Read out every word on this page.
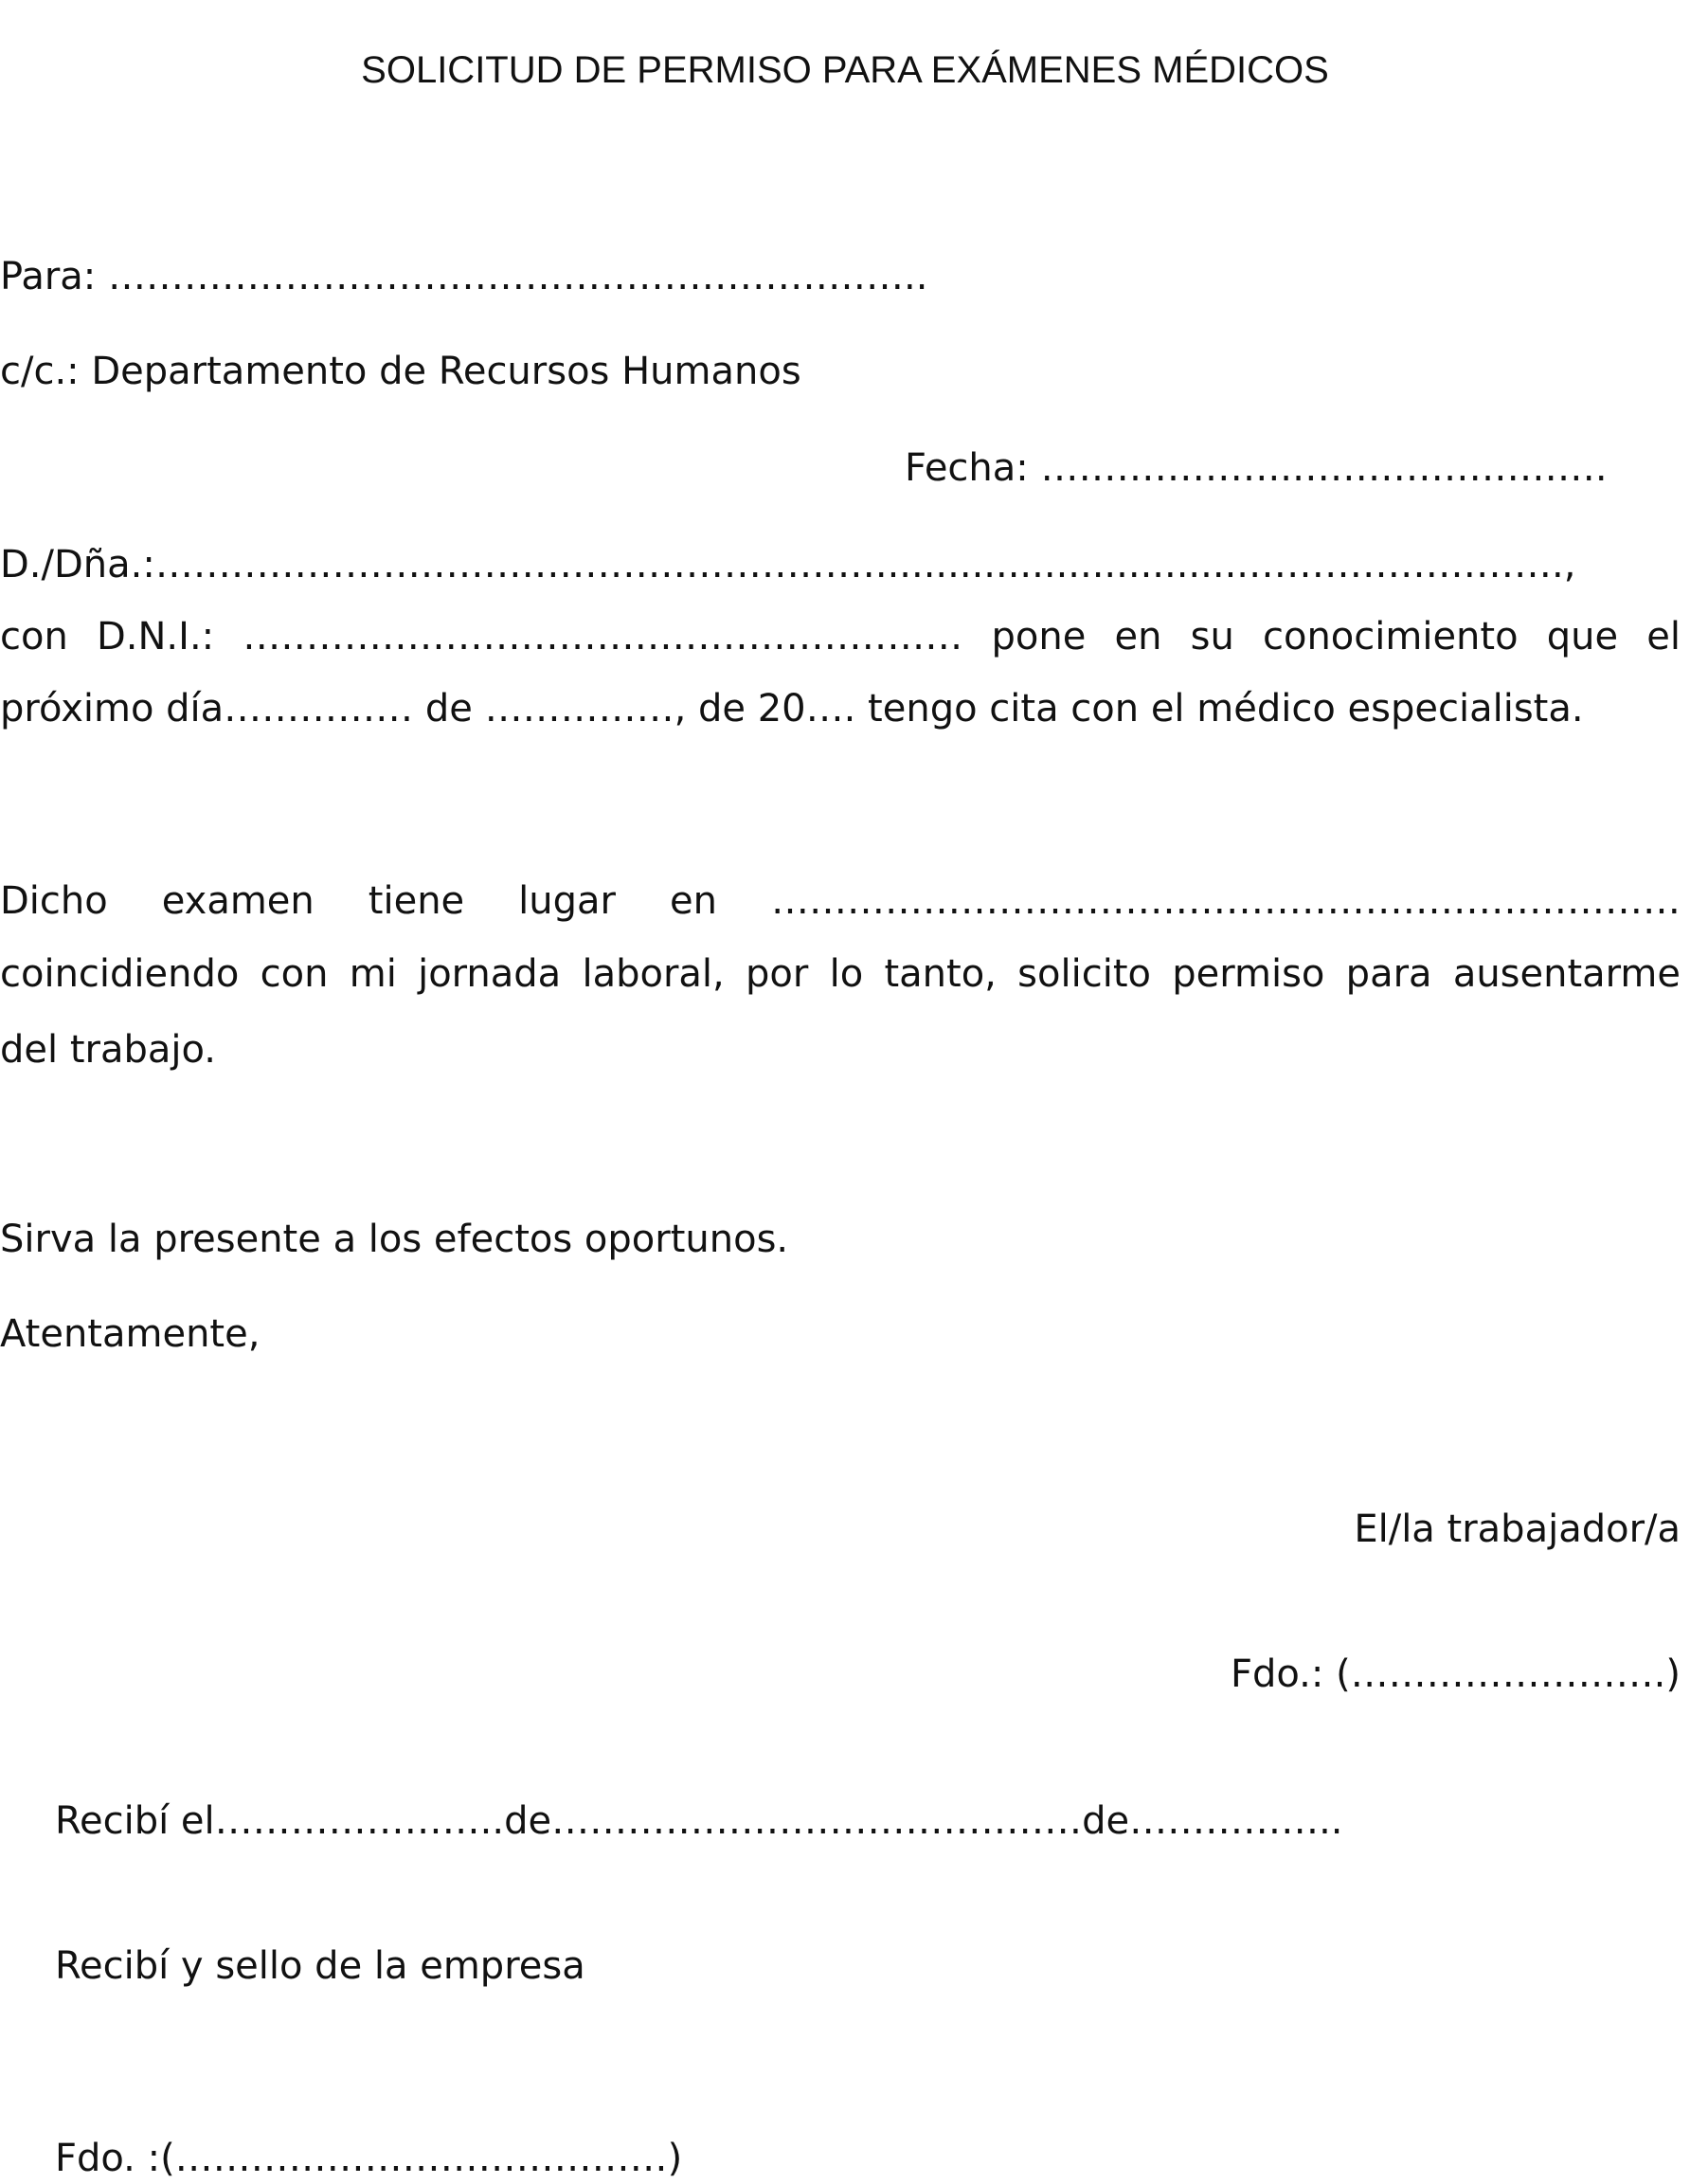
SOLICITUD DE PERMISO PARA EXÁMENES MÉDICOS
Para: ………………………………………………………..
c/c.: Departamento de Recursos Humanos
Fecha: ………………..…………………….
D./Dña.:…………………………………………………...............................…………………….,
con D.N.I.: ………………………………………………… pone en su conocimiento que el
próximo día…………… de ……………, de 20…. tengo cita con el médico especialista.
Dicho examen tiene lugar en ………………………………………………………………
coincidiendo con mi jornada laboral, por lo tanto, solicito permiso para ausentarme
del trabajo.
Sirva la presente a los efectos oportunos.
Atentamente,
El/la trabajador/a
Fdo.: (…………………….)
Recibí el…………………..de……………………………………de……………..
Recibí y sello de la empresa
Fdo. :(…………………………………)
